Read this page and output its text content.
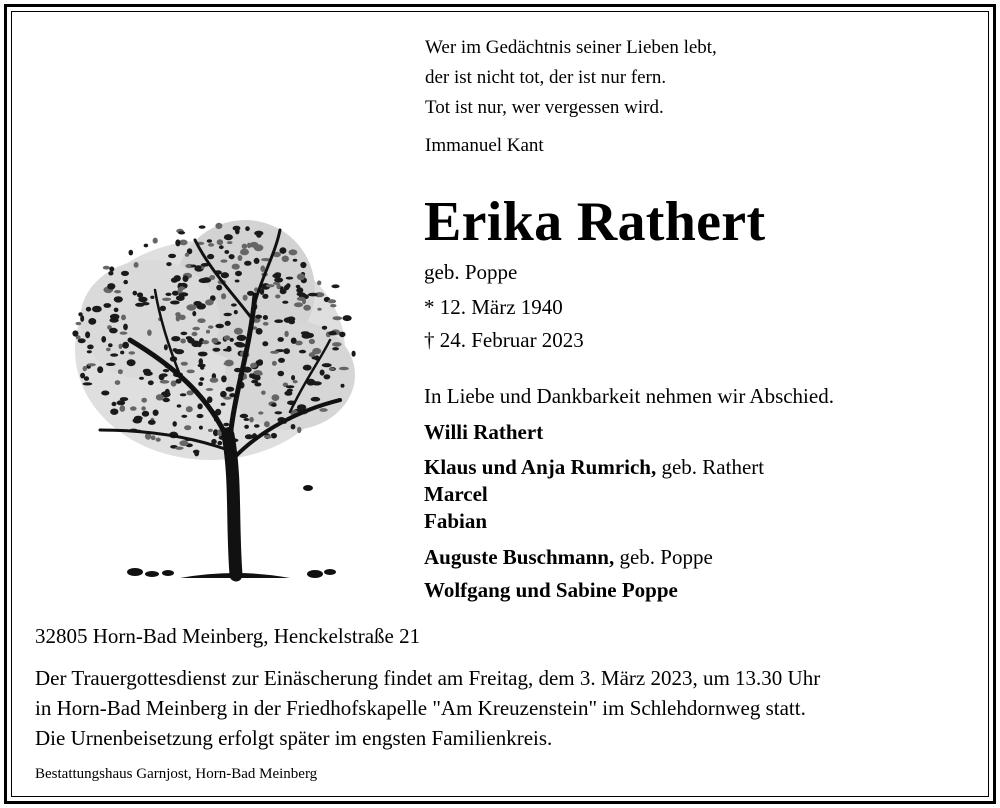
Wer im Gedächtnis seiner Lieben lebt,
der ist nicht tot, der ist nur fern.
Tot ist nur, wer vergessen wird.
Immanuel Kant
Erika Rathert
geb. Poppe
* 12. März 1940
† 24. Februar 2023
In Liebe und Dankbarkeit nehmen wir Abschied.
Willi Rathert
Klaus und Anja Rumrich, geb. Rathert
Marcel
Fabian
Auguste Buschmann, geb. Poppe
Wolfgang und Sabine Poppe
32805 Horn-Bad Meinberg, Henckelstraße 21
Der Trauergottesdienst zur Einäscherung findet am Freitag, dem 3. März 2023, um 13.30 Uhr
in Horn-Bad Meinberg in der Friedhofskapelle "Am Kreuzenstein" im Schlehdornweg statt.
Die Urnenbeisetzung erfolgt später im engsten Familienkreis.
Bestattungshaus Garnjost, Horn-Bad Meinberg
